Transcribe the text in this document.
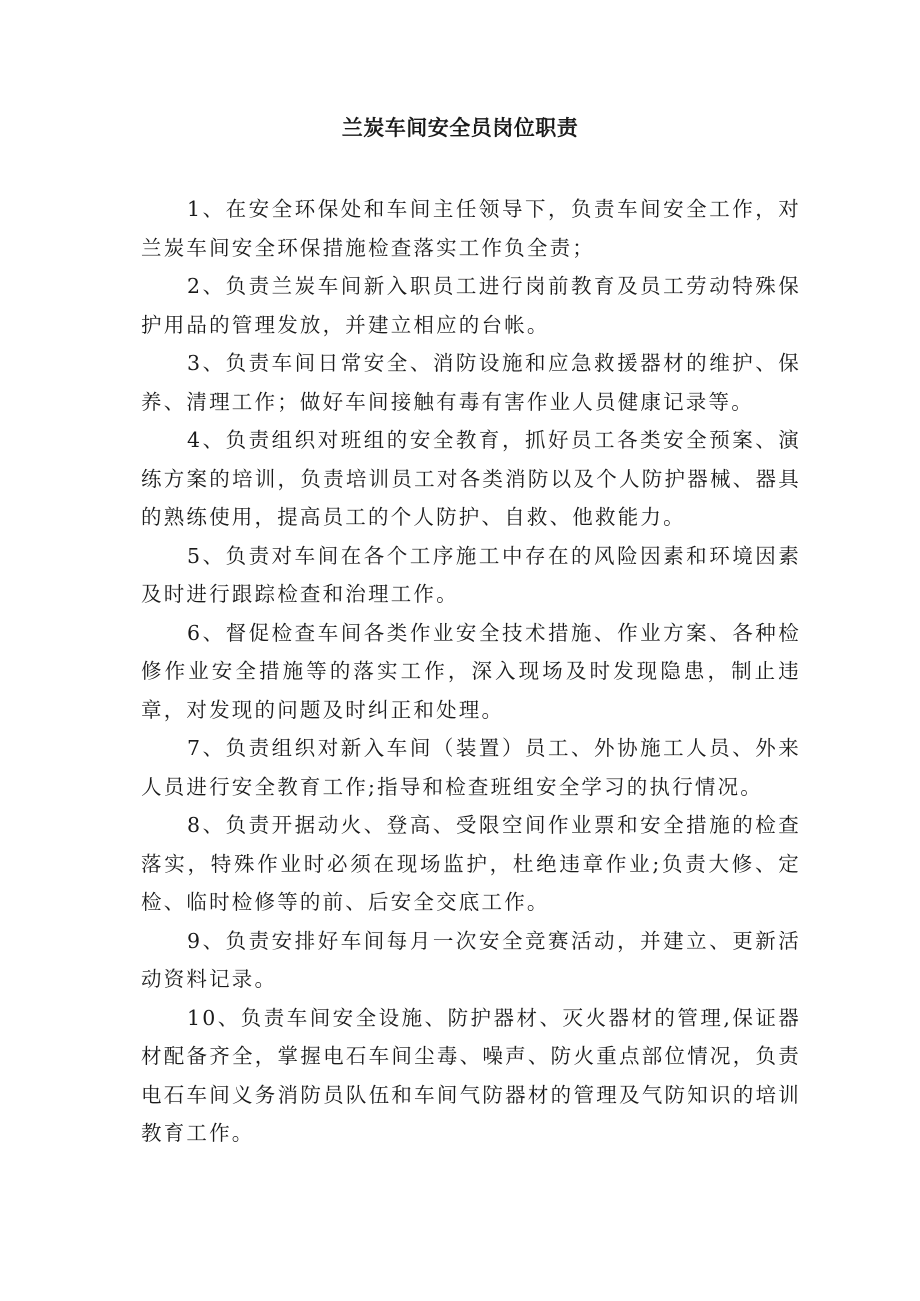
兰炭车间安全员岗位职责

1、在安全环保处和车间主任领导下，负责车间安全工作，对兰炭车间安全环保措施检查落实工作负全责；

2、负责兰炭车间新入职员工进行岗前教育及员工劳动特殊保护用品的管理发放，并建立相应的台帐。

3、负责车间日常安全、消防设施和应急救援器材的维护、保养、清理工作；做好车间接触有毒有害作业人员健康记录等。

4、负责组织对班组的安全教育，抓好员工各类安全预案、演练方案的培训，负责培训员工对各类消防以及个人防护器械、器具的熟练使用，提高员工的个人防护、自救、他救能力。

5、负责对车间在各个工序施工中存在的风险因素和环境因素及时进行跟踪检查和治理工作。

6、督促检查车间各类作业安全技术措施、作业方案、各种检修作业安全措施等的落实工作，深入现场及时发现隐患，制止违章，对发现的问题及时纠正和处理。

7、负责组织对新入车间（装置）员工、外协施工人员、外来人员进行安全教育工作;指导和检查班组安全学习的执行情况。

8、负责开据动火、登高、受限空间作业票和安全措施的检查落实，特殊作业时必须在现场监护，杜绝违章作业;负责大修、定检、临时检修等的前、后安全交底工作。

9、负责安排好车间每月一次安全竞赛活动，并建立、更新活动资料记录。

10、负责车间安全设施、防护器材、灭火器材的管理,保证器材配备齐全，掌握电石车间尘毒、噪声、防火重点部位情况，负责电石车间义务消防员队伍和车间气防器材的管理及气防知识的培训教育工作。
